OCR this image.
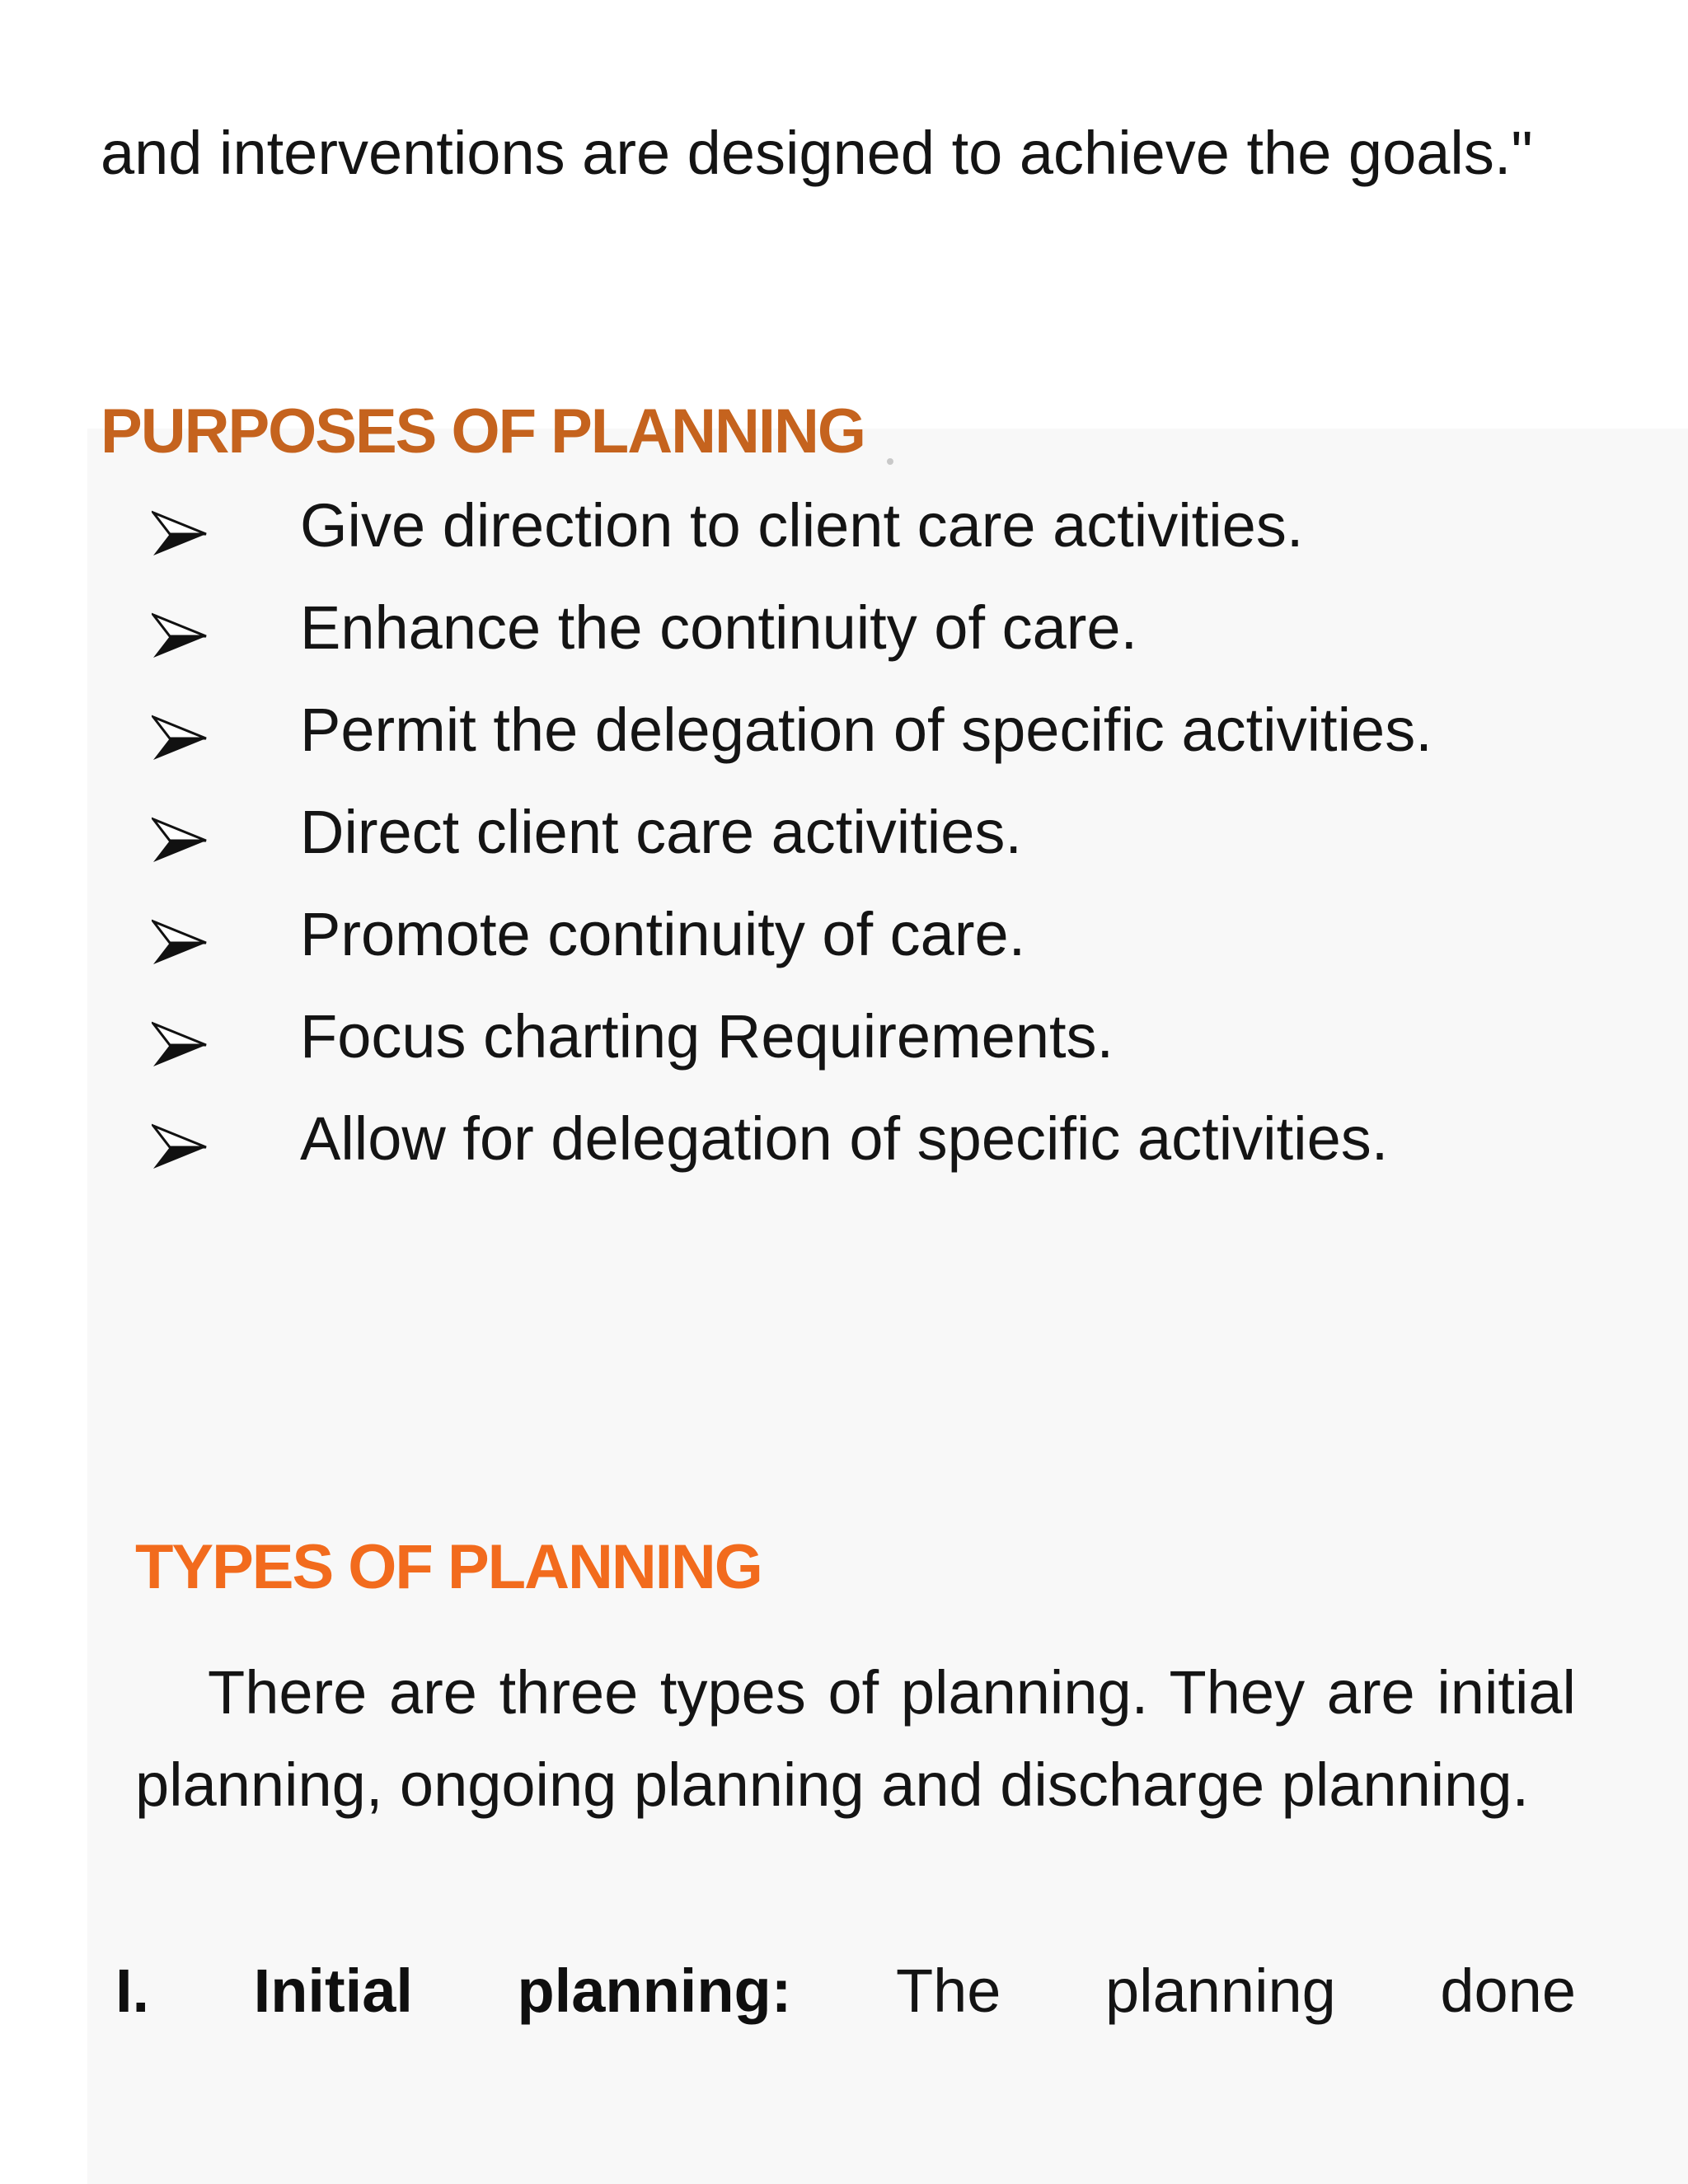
and interventions are designed to achieve the goals."

PURPOSES OF PLANNING
Give direction to client care activities.
Enhance the continuity of care.
Permit the delegation of specific activities.
Direct client care activities.
Promote continuity of care.
Focus charting Requirements.
Allow for delegation of specific activities.
TYPES OF PLANNING

There are three types of planning. They are initial planning, ongoing planning and discharge planning.

I. Initial planning: The planning done
